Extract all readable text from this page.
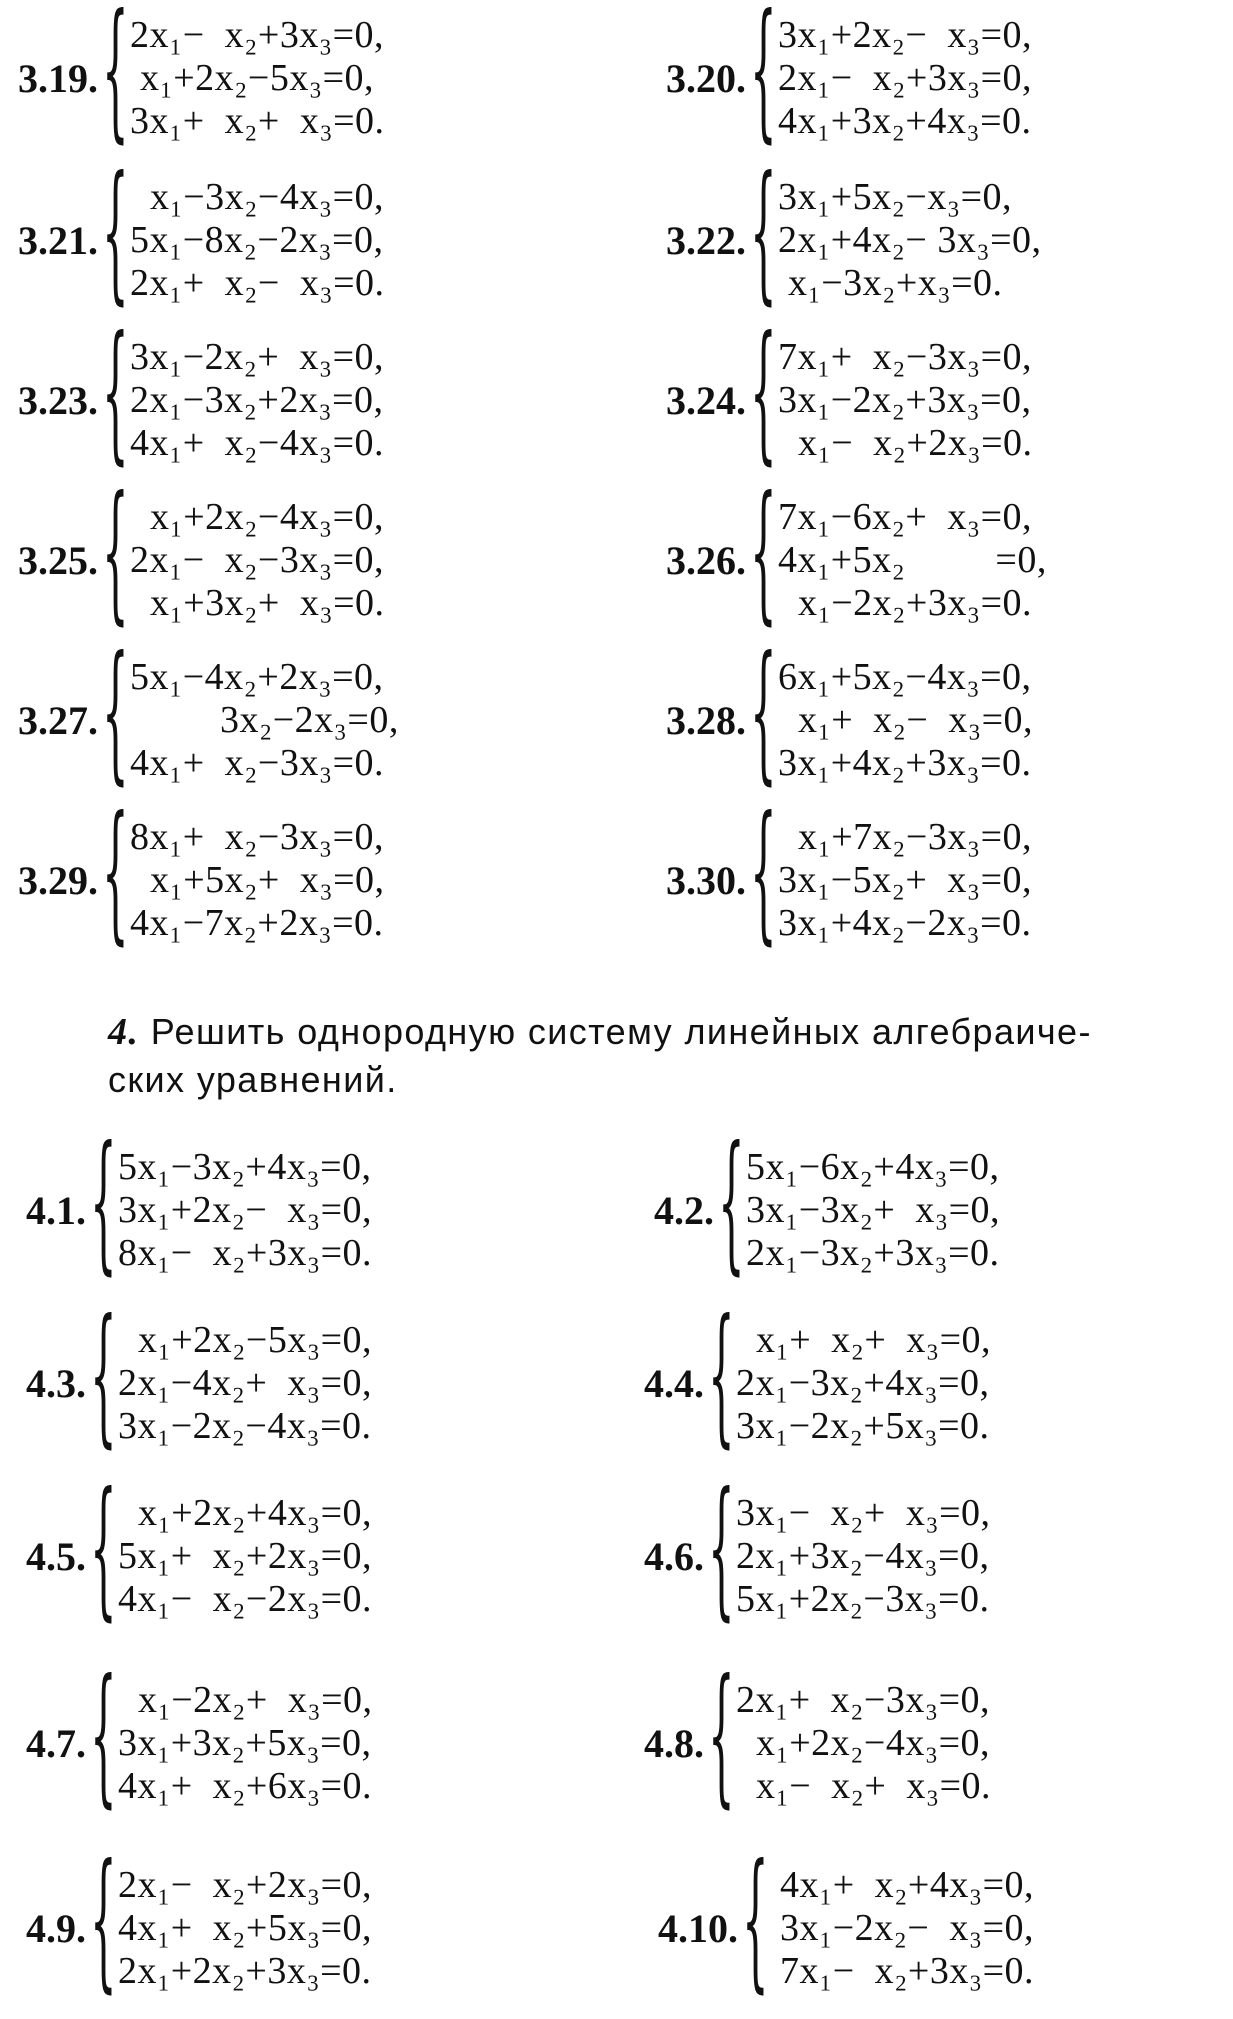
3.19. { 2x₁−  x₂+3x₃=0,
x₁+2x₂−5x₃=0,
3x₁+  x₂+  x₃=0.
3.20. { 3x₁+2x₂−  x₃=0,
2x₁−  x₂+3x₃=0,
4x₁+3x₂+4x₃=0.
3.21. { x₁−3x₂−4x₃=0,
5x₁−8x₂−2x₃=0,
2x₁+  x₂−  x₃=0.
3.22. { 3x₁+5x₂−x₃=0,
2x₁+4x₂− 3x₃=0,
x₁−3x₂+x₃=0.
3.23. { 3x₁−2x₂+  x₃=0,
2x₁−3x₂+2x₃=0,
4x₁+  x₂−4x₃=0.
3.24. { 7x₁+  x₂−3x₃=0,
3x₁−2x₂+3x₃=0,
x₁−  x₂+2x₃=0.
3.25. { x₁+2x₂−4x₃=0,
2x₁−  x₂−3x₃=0,
x₁+3x₂+  x₃=0.
3.26. { 7x₁−6x₂+  x₃=0,
4x₁+5x₂         =0,
x₁−2x₂+3x₃=0.
3.27. { 5x₁−4x₂+2x₃=0,
3x₂−2x₃=0,
4x₁+  x₂−3x₃=0.
3.28. { 6x₁+5x₂−4x₃=0,
x₁+  x₂−  x₃=0,
3x₁+4x₂+3x₃=0.
3.29. { 8x₁+  x₂−3x₃=0,
x₁+5x₂+  x₃=0,
4x₁−7x₂+2x₃=0.
3.30. { x₁+7x₂−3x₃=0,
3x₁−5x₂+  x₃=0,
3x₁+4x₂−2x₃=0.
4. Решить однородную систему линейных алгебраиче-
ских уравнений.
4.1. { 5x₁−3x₂+4x₃=0,
3x₁+2x₂−  x₃=0,
8x₁−  x₂+3x₃=0.
4.2. { 5x₁−6x₂+4x₃=0,
3x₁−3x₂+  x₃=0,
2x₁−3x₂+3x₃=0.
4.3. { x₁+2x₂−5x₃=0,
2x₁−4x₂+  x₃=0,
3x₁−2x₂−4x₃=0.
4.4. { x₁+  x₂+  x₃=0,
2x₁−3x₂+4x₃=0,
3x₁−2x₂+5x₃=0.
4.5. { x₁+2x₂+4x₃=0,
5x₁+  x₂+2x₃=0,
4x₁−  x₂−2x₃=0.
4.6. { 3x₁−  x₂+  x₃=0,
2x₁+3x₂−4x₃=0,
5x₁+2x₂−3x₃=0.
4.7. { x₁−2x₂+  x₃=0,
3x₁+3x₂+5x₃=0,
4x₁+  x₂+6x₃=0.
4.8. { 2x₁+  x₂−3x₃=0,
x₁+2x₂−4x₃=0,
x₁−  x₂+  x₃=0.
4.9. { 2x₁−  x₂+2x₃=0,
4x₁+  x₂+5x₃=0,
2x₁+2x₂+3x₃=0.
4.10. { 4x₁+  x₂+4x₃=0,
3x₁−2x₂−  x₃=0,
7x₁−  x₂+3x₃=0.
